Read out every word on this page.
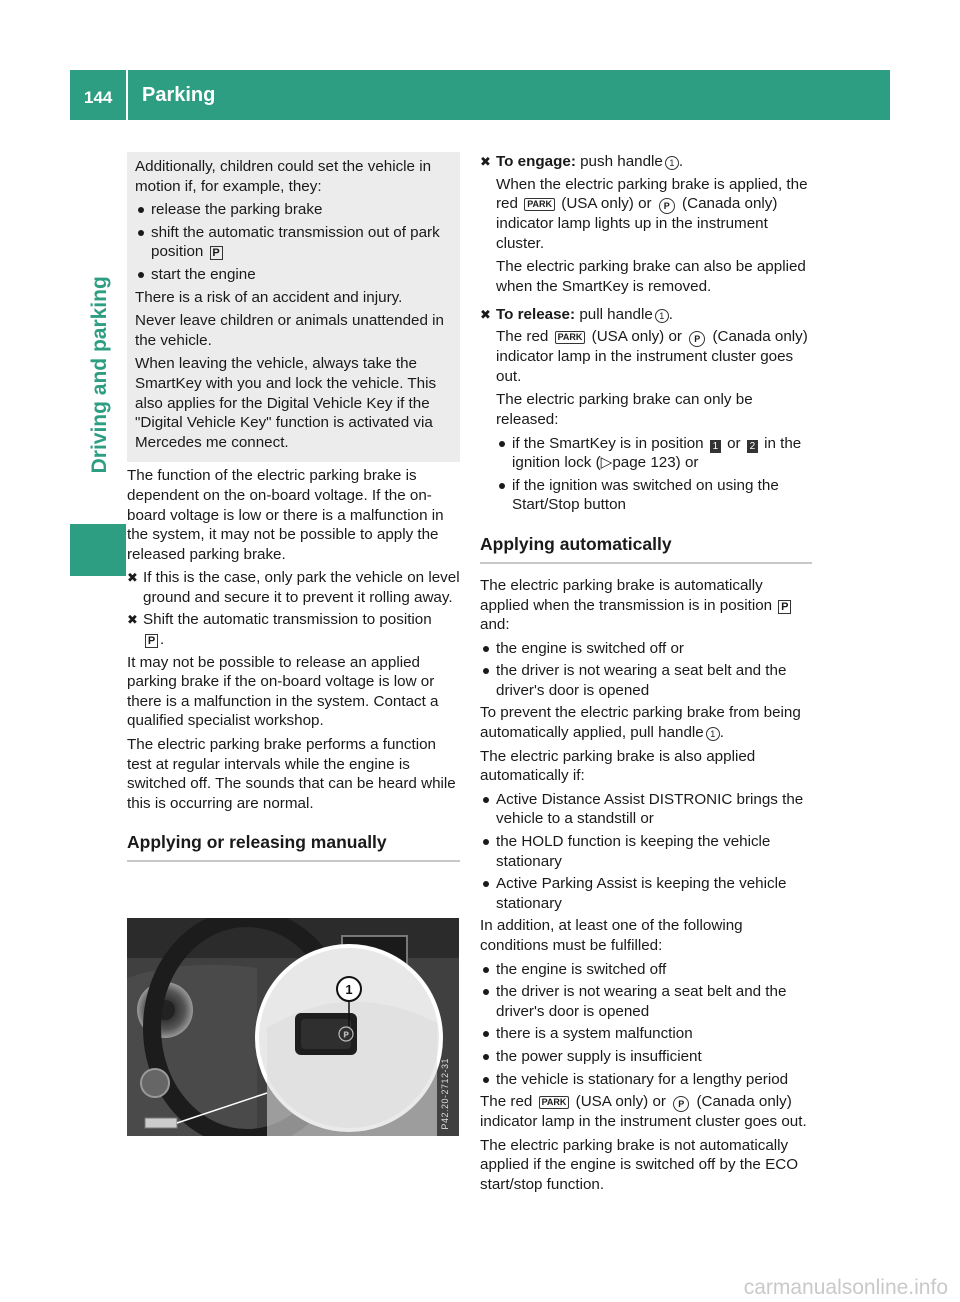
144 Parking
Driving and parking

Additionally, children could set the vehicle in motion if, for example, they:

release the parking brake
shift the automatic transmission out of park position P
start the engine

There is a risk of an accident and injury.

Never leave children or animals unattended in the vehicle.

When leaving the vehicle, always take the SmartKey with you and lock the vehicle. This also applies for the Digital Vehicle Key if the "Digital Vehicle Key" function is activated via Mercedes me connect.

The function of the electric parking brake is dependent on the on-board voltage. If the on-board voltage is low or there is a malfunction in the system, it may not be possible to apply the released parking brake.

✖ If this is the case, only park the vehicle on level ground and secure it to prevent it rolling away.
✖ Shift the automatic transmission to position
P .

It may not be possible to release an applied parking brake if the on-board voltage is low or there is a malfunction in the system. Contact a qualified specialist workshop.

The electric parking brake performs a function test at regular intervals while the engine is switched off. The sounds that can be heard while this is occurring are normal.

Applying or releasing manually
P
1
P42.20-2712-31
✖ To engage: push handle 1 .

When the electric parking brake is applied, the red PARK (USA only) or P (Canada only) indicator lamp lights up in the instrument cluster.

The electric parking brake can also be applied when the SmartKey is removed.

✖ To release: pull handle 1 .

The red PARK (USA only) or P (Canada only) indicator lamp in the instrument cluster goes out.

The electric parking brake can only be released:

if the SmartKey is in position 1 or 2 in the ignition lock (▷page 123) or
if the ignition was switched on using the Start/Stop button
Applying automatically

The electric parking brake is automatically applied when the transmission is in position P and:

the engine is switched off or
the driver is not wearing a seat belt and the driver's door is opened

To prevent the electric parking brake from being automatically applied, pull handle 1 .

The electric parking brake is also applied automatically if:

Active Distance Assist DISTRONIC brings the vehicle to a standstill or
the HOLD function is keeping the vehicle stationary
Active Parking Assist is keeping the vehicle stationary

In addition, at least one of the following conditions must be fulfilled:

the engine is switched off
the driver is not wearing a seat belt and the driver's door is opened
there is a system malfunction
the power supply is insufficient
the vehicle is stationary for a lengthy period

The red PARK (USA only) or P (Canada only) indicator lamp in the instrument cluster goes out.

The electric parking brake is not automatically applied if the engine is switched off by the ECO start/stop function.

carmanualsonline.info
